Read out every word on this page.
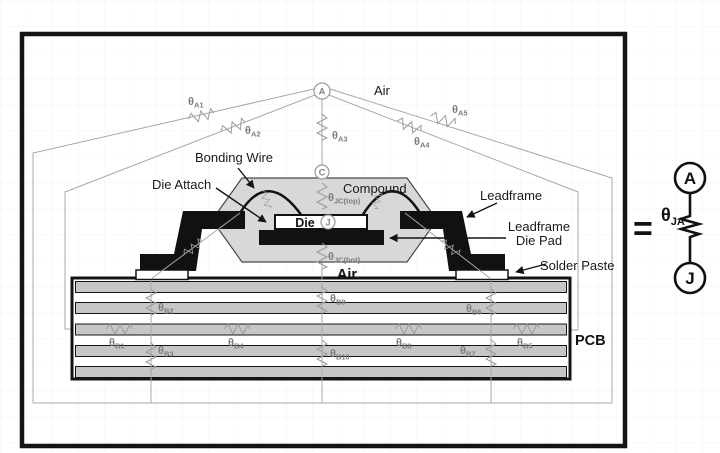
A
C
Die J
$\theta_{A1}$
$\theta_{A2}$	$\theta_{A3}$	$\theta_{A4}$
$\theta_{A5}$
$\theta_{JC(top)}$
$\theta_{JC(bot)}$
$\theta_{B1}$
$\theta_{B2}$
$\theta_{B3}$
$\theta_{B4}$	$\theta_{B5}$
$\theta_{B6}$
$\theta_{B7}$
$\theta_{B8}$
$\theta_{B9}$
$\theta_{B10}$
Air
Bonding Wire
Die Attach	Compound	Leadframe
Leadframe
Die Pad
Solder Paste
Air
PCB
=
A
J
$\theta_{JA}$
